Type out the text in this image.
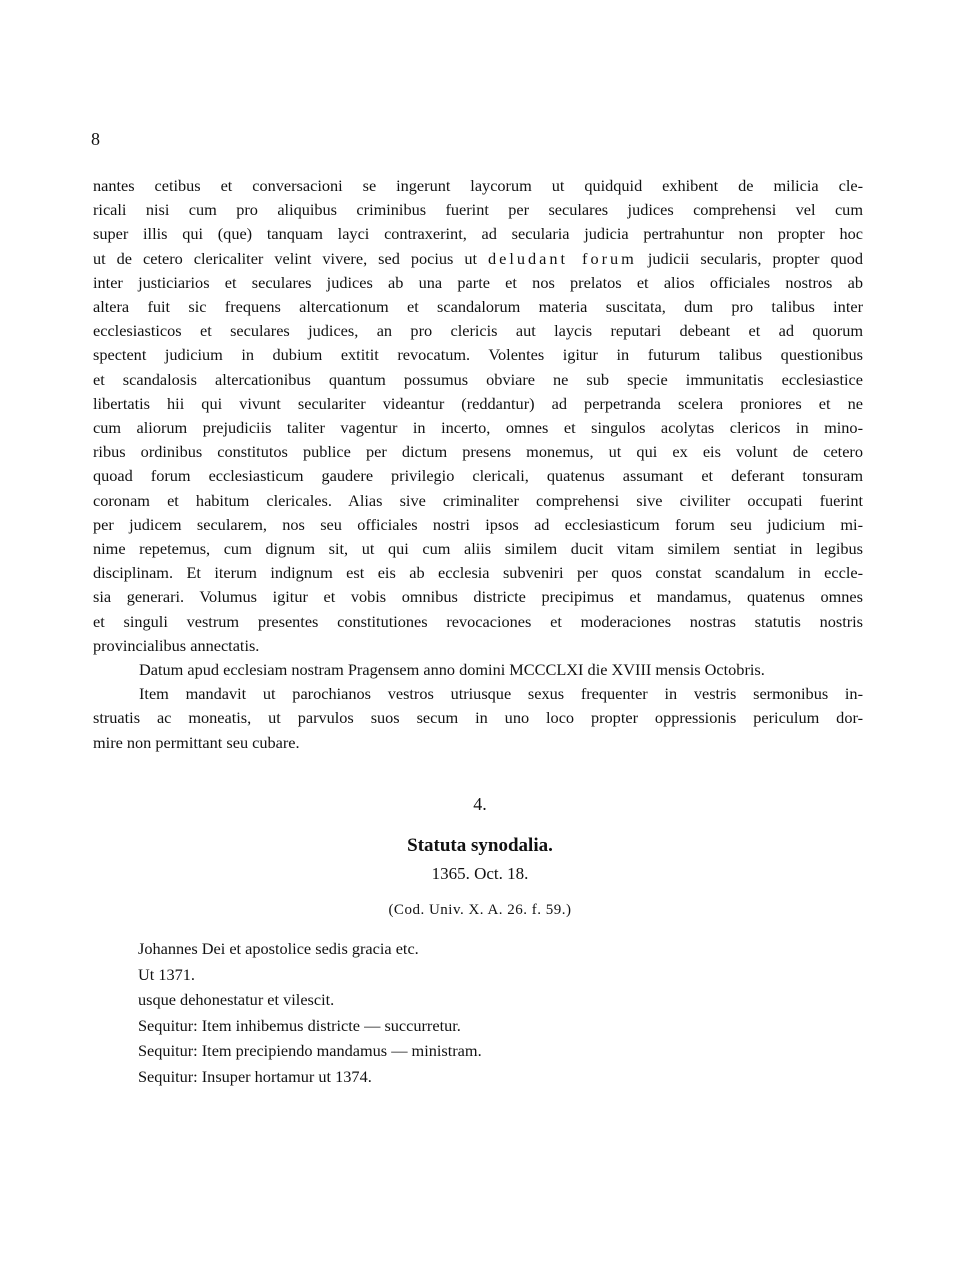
8
nantes cetibus et conversacioni se ingerunt laycorum ut quidquid exhibent de milicia cle-
ricali nisi cum pro aliquibus criminibus fuerint per seculares judices comprehensi vel cum
super illis qui (que) tanquam layci contraxerint, ad secularia judicia pertrahuntur non propter hoc
ut de cetero clericaliter velint vivere, sed pocius ut deludant forum judicii secularis, propter quod
inter justiciarios et seculares judices ab una parte et nos prelatos et alios officiales nostros ab
altera fuit sic frequens altercationum et scandalorum materia suscitata, dum pro talibus inter
ecclesiasticos et seculares judices, an pro clericis aut laycis reputari debeant et ad quorum
spectent judicium in dubium extitit revocatum. Volentes igitur in futurum talibus questionibus
et scandalosis altercationibus quantum possumus obviare ne sub specie immunitatis ecclesiastice
libertatis hii qui vivunt seculariter videantur (reddantur) ad perpetranda scelera proniores et ne
cum aliorum prejudiciis taliter vagentur in incerto, omnes et singulos acolytas clericos in mino-
ribus ordinibus constitutos publice per dictum presens monemus, ut qui ex eis volunt de cetero
quoad forum ecclesiasticum gaudere privilegio clericali, quatenus assumant et deferant tonsuram
coronam et habitum clericales. Alias sive criminaliter comprehensi sive civiliter occupati fuerint
per judicem secularem, nos seu officiales nostri ipsos ad ecclesiasticum forum seu judicium mi-
nime repetemus, cum dignum sit, ut qui cum aliis similem ducit vitam similem sentiat in legibus
disciplinam. Et iterum indignum est eis ab ecclesia subveniri per quos constat scandalum in eccle-
sia generari. Volumus igitur et vobis omnibus districte precipimus et mandamus, quatenus omnes
et singuli vestrum presentes constitutiones revocaciones et moderaciones nostras statutis nostris
provincialibus annectatis.
Datum apud ecclesiam nostram Pragensem anno domini MCCCLXI die XVIII mensis Octobris.
Item mandavit ut parochianos vestros utriusque sexus frequenter in vestris sermonibus in-
struatis ac moneatis, ut parvulos suos secum in uno loco propter oppressionis periculum dor-
mire non permittant seu cubare.
4.
Statuta synodalia.
1365. Oct. 18.
(Cod. Univ. X. A. 26. f. 59.)
Johannes Dei et apostolice sedis gracia etc.
Ut 1371.
usque dehonestatur et vilescit.
Sequitur: Item inhibemus districte — succurretur.
Sequitur: Item precipiendo mandamus — ministram.
Sequitur: Insuper hortamur ut 1374.
